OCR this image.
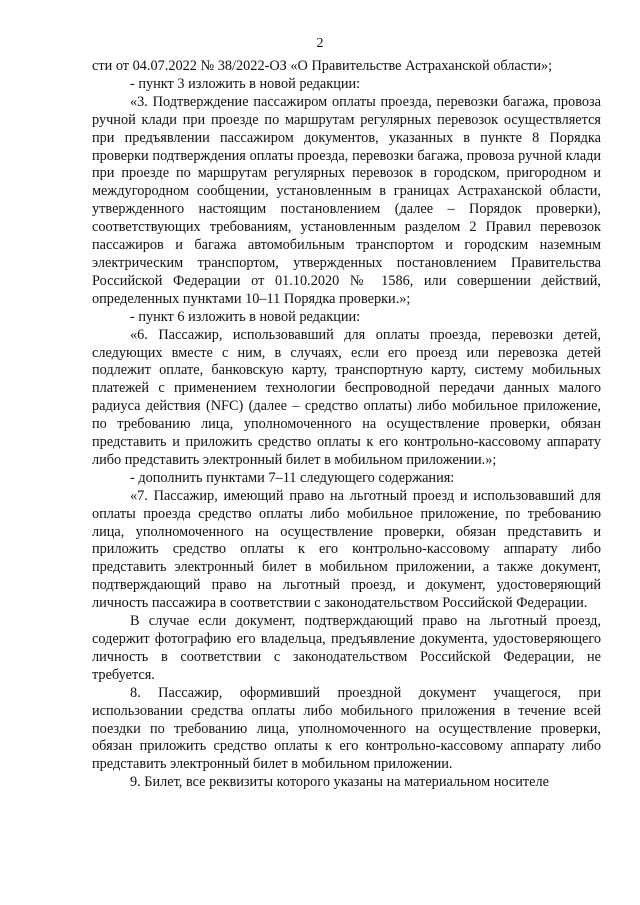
2

сти от 04.07.2022 № 38/2022-ОЗ «О Правительстве Астраханской области»;

- пункт 3 изложить в новой редакции:

«3. Подтверждение пассажиром оплаты проезда, перевозки багажа, провоза ручной клади при проезде по маршрутам регулярных перевозок осуществляется при предъявлении пассажиром документов, указанных в пункте 8 Порядка проверки подтверждения оплаты проезда, перевозки багажа, провоза ручной клади при проезде по маршрутам регулярных перевозок в городском, пригородном и междугородном сообщении, установленным в границах Астраханской области, утвержденного настоящим постановлением (далее – Порядок проверки), соответствующих требованиям, установленным разделом 2 Правил перевозок пассажиров и багажа автомобильным транспортом и городским наземным электрическим транспортом, утвержденных постановлением Правительства Российской Федерации от 01.10.2020 № 1586, или совершении действий, определенных пунктами 10–11 Порядка проверки.»;

- пункт 6 изложить в новой редакции:

«6. Пассажир, использовавший для оплаты проезда, перевозки детей, следующих вместе с ним, в случаях, если его проезд или перевозка детей подлежит оплате, банковскую карту, транспортную карту, систему мобильных платежей с применением технологии беспроводной передачи данных малого радиуса действия (NFC) (далее – средство оплаты) либо мобильное приложение, по требованию лица, уполномоченного на осуществление проверки, обязан представить и приложить средство оплаты к его контрольно-кассовому аппарату либо представить электронный билет в мобильном приложении.»;

- дополнить пунктами 7–11 следующего содержания:

«7. Пассажир, имеющий право на льготный проезд и использовавший для оплаты проезда средство оплаты либо мобильное приложение, по требованию лица, уполномоченного на осуществление проверки, обязан представить и приложить средство оплаты к его контрольно-кассовому аппарату либо представить электронный билет в мобильном приложении, а также документ, подтверждающий право на льготный проезд, и документ, удостоверяющий личность пассажира в соответствии с законодательством Российской Федерации.

В случае если документ, подтверждающий право на льготный проезд, содержит фотографию его владельца, предъявление документа, удостоверяющего личность в соответствии с законодательством Российской Федерации, не требуется.

8. Пассажир, оформивший проездной документ учащегося, при использовании средства оплаты либо мобильного приложения в течение всей поездки по требованию лица, уполномоченного на осуществление проверки, обязан приложить средство оплаты к его контрольно-кассовому аппарату либо представить электронный билет в мобильном приложении.

9. Билет, все реквизиты которого указаны на материальном носителе
